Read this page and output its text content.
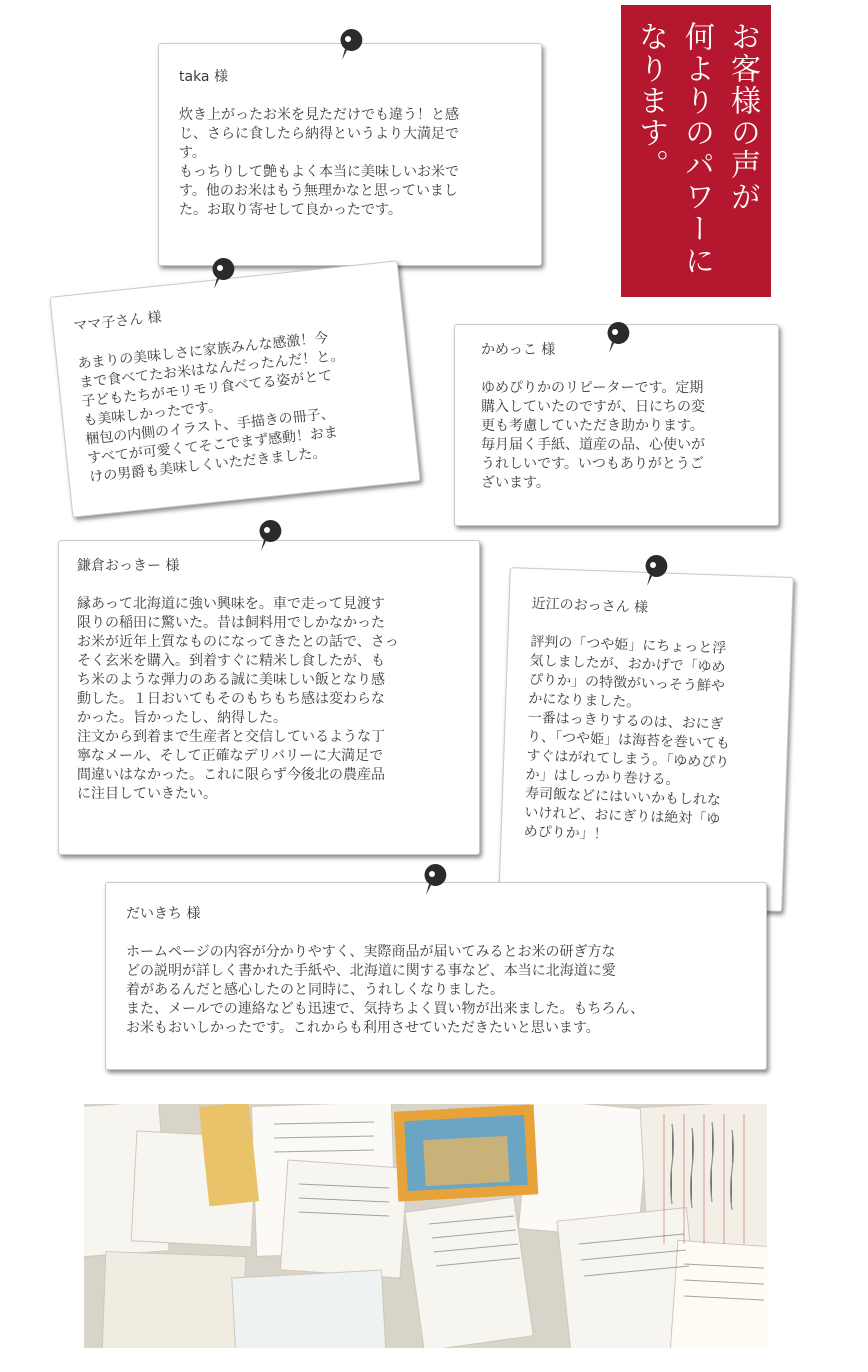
お客様の声が
何よりのパワーに
なります。

taka 様

炊き上がったお米を見ただけでも違う！と感
じ、さらに食したら納得というより大満足で
す。
もっちりして艶もよく本当に美味しいお米で
す。他のお米はもう無理かなと思っていまし
た。お取り寄せして良かったです。

ママ子さん 様

あまりの美味しさに家族みんな感激！今
まで食べてたお米はなんだったんだ！と。
子どもたちがモリモリ食べてる姿がとて
も美味しかったです。
梱包の内側のイラスト、手描きの冊子、
すべてが可愛くてそこでまず感動！おま
けの男爵も美味しくいただきました。

かめっこ 様

ゆめぴりかのリピーターです。定期
購入していたのですが、日にちの変
更も考慮していただき助かります。
毎月届く手紙、道産の品、心使いが
うれしいです。いつもありがとうご
ざいます。

鎌倉おっきー 様

縁あって北海道に強い興味を。車で走って見渡す
限りの稲田に驚いた。昔は飼料用でしかなかった
お米が近年上質なものになってきたとの話で、さっ
そく玄米を購入。到着すぐに精米し食したが、も
ち米のような弾力のある誠に美味しい飯となり感
動した。１日おいてもそのもちもち感は変わらな
かった。旨かったし、納得した。
注文から到着まで生産者と交信しているような丁
寧なメール、そして正確なデリバリーに大満足で
間違いはなかった。これに限らず今後北の農産品
に注目していきたい。

近江のおっさん 様

評判の「つや姫」にちょっと浮
気しましたが、おかげで「ゆめ
ぴりか」の特徴がいっそう鮮や
かになりました。
一番はっきりするのは、おにぎ
り、「つや姫」は海苔を巻いても
すぐはがれてしまう。「ゆめぴり
か」はしっかり巻ける。
寿司飯などにはいいかもしれな
いけれど、おにぎりは絶対「ゆ
めぴりか」！

だいきち 様

ホームページの内容が分かりやすく、実際商品が届いてみるとお米の研ぎ方な
どの説明が詳しく書かれた手紙や、北海道に関する事など、本当に北海道に愛
着があるんだと感心したのと同時に、うれしくなりました。
また、メールでの連絡なども迅速で、気持ちよく買い物が出来ました。もちろん、
お米もおいしかったです。これからも利用させていただきたいと思います。
